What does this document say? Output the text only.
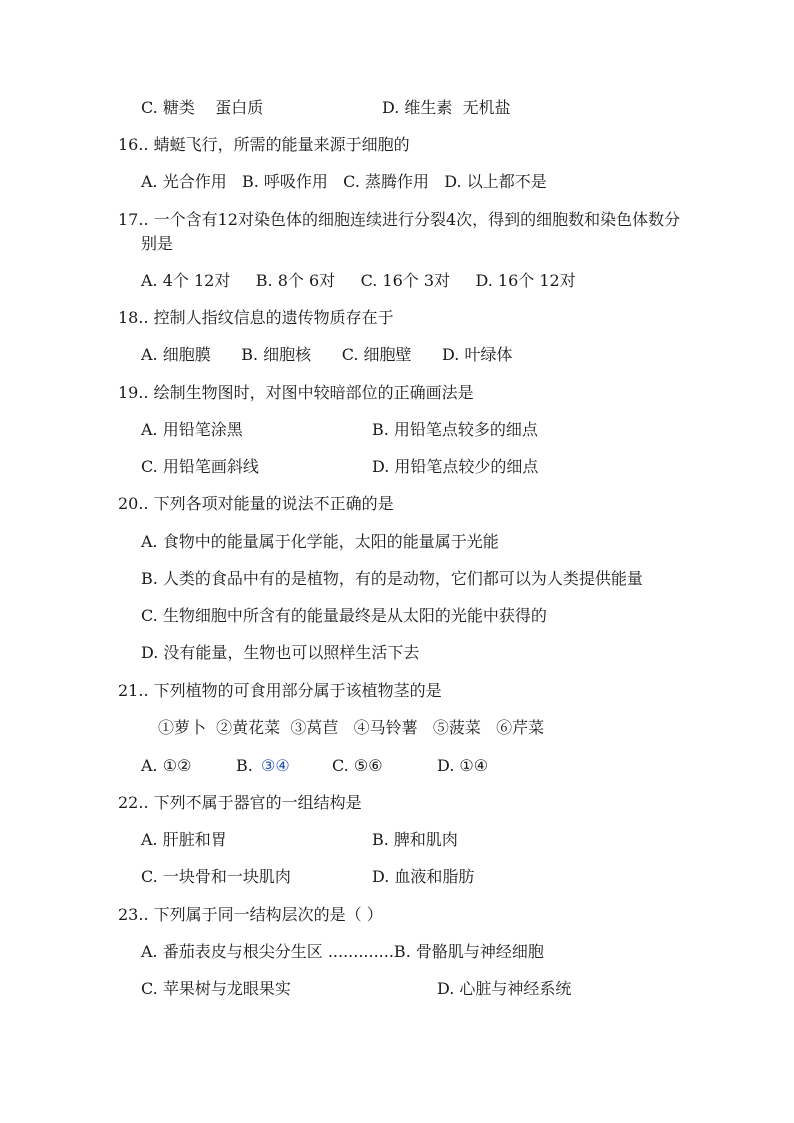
C. 糖类    蛋白质	D. 维生素  无机盐
16.. 蜻蜓飞行，所需的能量来源于细胞的
A. 光合作用   B. 呼吸作用   C. 蒸腾作用   D. 以上都不是
17.. 一个含有12对染色体的细胞连续进行分裂4次，得到的细胞数和染色体数分
别是
A. 4个 12对     B. 8个 6对     C. 16个 3对     D. 16个 12对
18.. 控制人指纹信息的遗传物质存在于
A. 细胞膜      B. 细胞核      C. 细胞壁      D. 叶绿体
19.. 绘制生物图时，对图中较暗部位的正确画法是
A. 用铅笔涂黑	B. 用铅笔点较多的细点
C. 用铅笔画斜线	D. 用铅笔点较少的细点
20.. 下列各项对能量的说法不正确的是
A. 食物中的能量属于化学能，太阳的能量属于光能
B. 人类的食品中有的是植物，有的是动物，它们都可以为人类提供能量
C. 生物细胞中所含有的能量最终是从太阳的光能中获得的
D. 没有能量，生物也可以照样生活下去
21.. 下列植物的可食用部分属于该植物茎的是
①萝卜  ②黄花菜  ③莴苣   ④马铃薯   ⑤菠菜   ⑥芹菜
A. ①②	B. ③④	C. ⑤⑥	D. ①④
22.. 下列不属于器官的一组结构是
A. 肝脏和胃	B. 脾和肌肉
C. 一块骨和一块肌肉	D. 血液和脂肪
23.. 下列属于同一结构层次的是（ ）
A. 番茄表皮与根尖分生区 .............B. 骨骼肌与神经细胞
C. 苹果树与龙眼果实	D. 心脏与神经系统
